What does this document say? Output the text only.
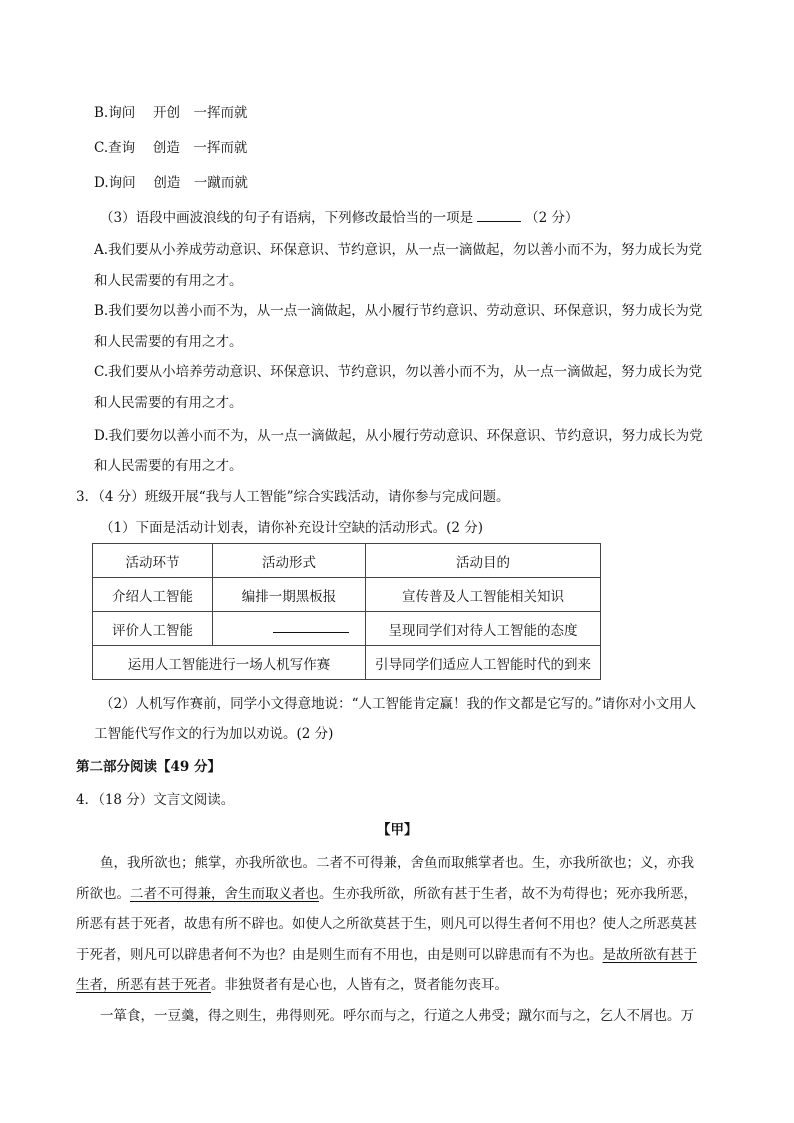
B.询问　 开创　一挥而就
C.查询　 创造　一挥而就
D.询问　 创造　一蹴而就
（3）语段中画波浪线的句子有语病，下列修改最恰当的一项是	（2 分）
A.我们要从小养成劳动意识、环保意识、节约意识，从一点一滴做起，勿以善小而不为，努力成长为党
和人民需要的有用之才。
B.我们要勿以善小而不为，从一点一滴做起，从小履行节约意识、劳动意识、环保意识，努力成长为党
和人民需要的有用之才。
C.我们要从小培养劳动意识、环保意识、节约意识，勿以善小而不为，从一点一滴做起，努力成长为党
和人民需要的有用之才。
D.我们要勿以善小而不为，从一点一滴做起，从小履行劳动意识、环保意识、节约意识，努力成长为党
和人民需要的有用之才。
3．（4 分）班级开展“我与人工智能”综合实践活动，请你参与完成问题。
（1）下面是活动计划表，请你补充设计空缺的活动形式。(2 分)
活动环节	活动形式	活动目的
介绍人工智能	编排一期黑板报	宣传普及人工智能相关知识
评价人工智能		呈现同学们对待人工智能的态度
运用人工智能进行一场人机写作赛		引导同学们适应人工智能时代的到来
（2）人机写作赛前，同学小文得意地说：“人工智能肯定赢！我的作文都是它写的。”请你对小文用人
工智能代写作文的行为加以劝说。(2 分)
第二部分阅读【49 分】
4．（18 分）文言文阅读。
【甲】
鱼，我所欲也；熊掌，亦我所欲也。二者不可得兼，舍鱼而取熊掌者也。生，亦我所欲也；义，亦我
所欲也。二者不可得兼，舍生而取义者也。生亦我所欲，所欲有甚于生者，故不为苟得也；死亦我所恶，
所恶有甚于死者，故患有所不辟也。如使人之所欲莫甚于生，则凡可以得生者何不用也？使人之所恶莫甚
于死者，则凡可以辟患者何不为也？由是则生而有不用也，由是则可以辟患而有不为也。是故所欲有甚于
生者，所恶有甚于死者。非独贤者有是心也，人皆有之，贤者能勿丧耳。
一箪食，一豆羹，得之则生，弗得则死。呼尔而与之，行道之人弗受；蹴尔而与之，乞人不屑也。万
